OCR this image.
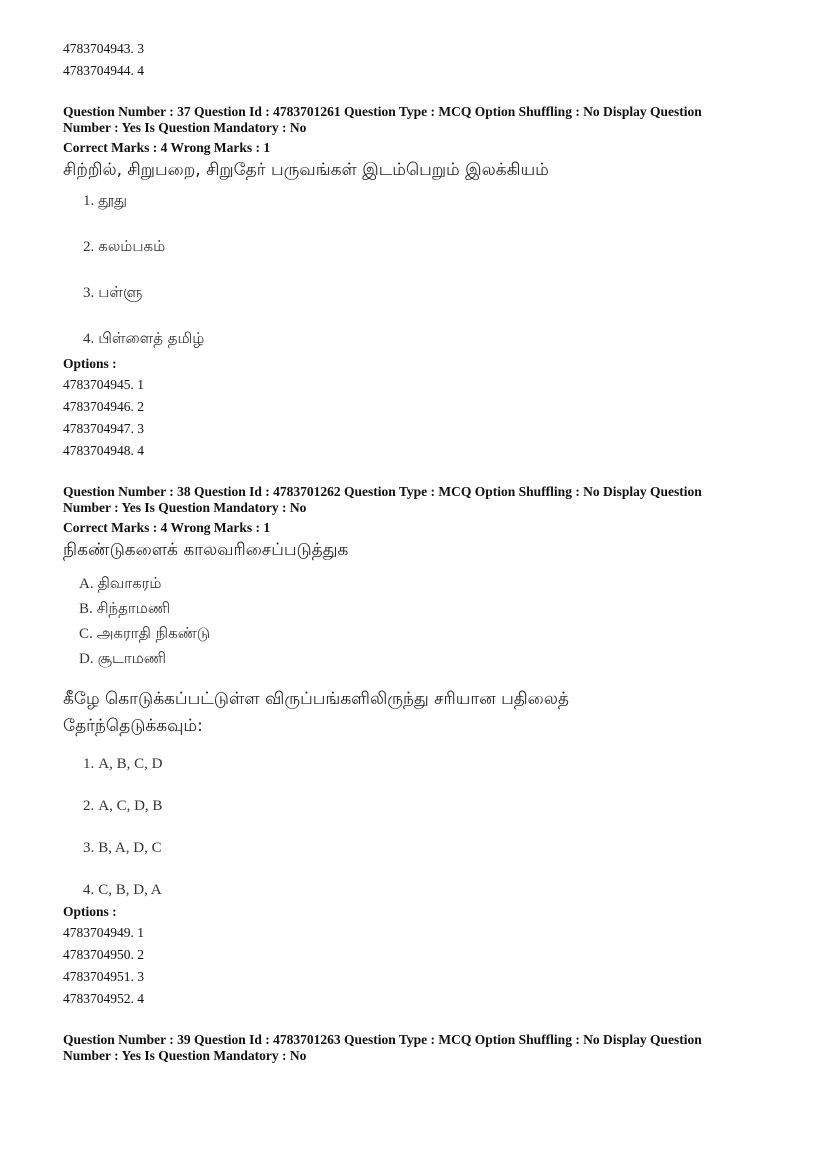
4783704943. 3
4783704944. 4
Question Number : 37 Question Id : 4783701261 Question Type : MCQ Option Shuffling : No Display Question
Number : Yes Is Question Mandatory : No
Correct Marks : 4 Wrong Marks : 1
சிற்றில், சிறுபறை, சிறுதேர் பருவங்கள் இடம்பெறும் இலக்கியம்
1. தூது
2. கலம்பகம்
3. பள்ளு
4. பிள்ளைத் தமிழ்
Options :
4783704945. 1
4783704946. 2
4783704947. 3
4783704948. 4
Question Number : 38 Question Id : 4783701262 Question Type : MCQ Option Shuffling : No Display Question
Number : Yes Is Question Mandatory : No
Correct Marks : 4 Wrong Marks : 1
நிகண்டுகளைக் காலவரிசைப்படுத்துக
A. திவாகரம்
B. சிந்தாமணி
C. அகராதி நிகண்டு
D. சூடாமணி
கீழே கொடுக்கப்பட்டுள்ள விருப்பங்களிலிருந்து சரியான பதிலைத்
தேர்ந்தெடுக்கவும்:
1. A, B, C, D
2. A, C, D, B
3. B, A, D, C
4. C, B, D, A
Options :
4783704949. 1
4783704950. 2
4783704951. 3
4783704952. 4
Question Number : 39 Question Id : 4783701263 Question Type : MCQ Option Shuffling : No Display Question
Number : Yes Is Question Mandatory : No
